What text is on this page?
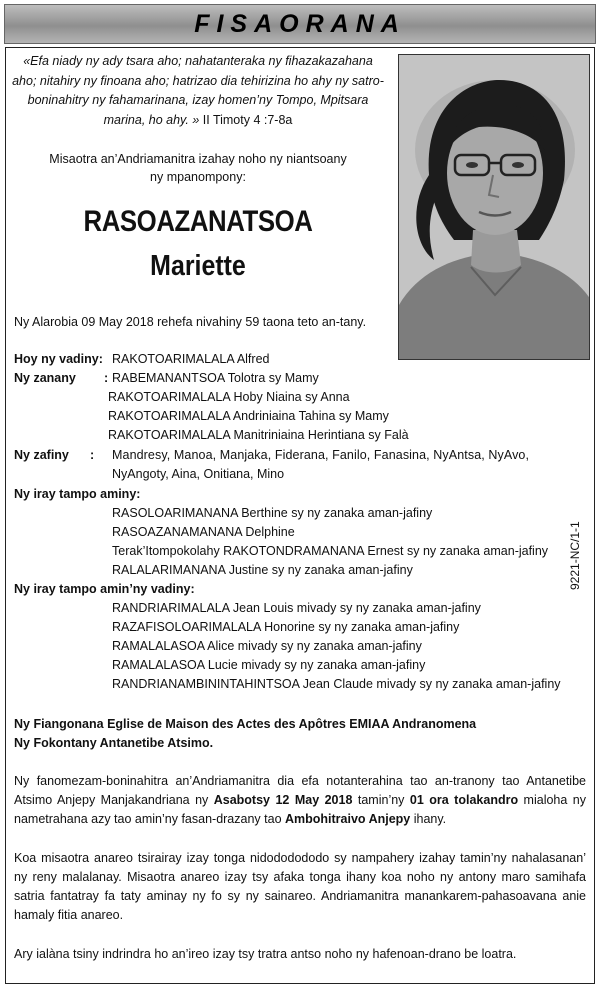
FISAORANA
«Efa niady ny ady tsara aho; nahatanteraka ny fihazakazahana aho; nitahiry ny finoana aho; hatrizao dia tehirizina ho ahy ny satro-boninahitry ny fahamarinana, izay homen’ny Tompo, Mpitsara marina, ho ahy. » II Timoty 4 :7-8a
Misaotra an’Andriamanitra izahay noho ny niantsoany
ny mpanompony:
RASOAZANATSOA
Mariette
Ny Alarobia 09 May 2018 rehefa nivahiny 59 taona teto an-tany.
Hoy ny vadiny: RAKOTOARIMALALA Alfred
Ny zanany : RABEMANANTSOA Tolotra sy Mamy
RAKOTOARIMALALA Hoby Niaina sy Anna
RAKOTOARIMALALA Andriniaina Tahina sy Mamy
RAKOTOARIMALALA Manitriniaina Herintiana sy Falà
Ny zafiny : Mandresy, Manoa, Manjaka, Fiderana, Fanilo, Fanasina, NyAntsa, NyAvo,
NyAngoty, Aina, Onitiana, Mino
Ny iray tampo aminy:
RASOLOARIMANANA Berthine sy ny zanaka aman-jafiny
RASOAZANAMANANA Delphine
Terak’Itompokolahy RAKOTONDRAMANANA Ernest sy ny zanaka aman-jafiny
RALALARIMANANA Justine sy ny zanaka aman-jafiny
Ny iray tampo amin’ny vadiny:
RANDRIARIMALALA Jean Louis mivady sy ny zanaka aman-jafiny
RAZAFISOLOARIMALALA Honorine sy ny zanaka aman-jafiny
RAMALALASOA Alice mivady sy ny zanaka aman-jafiny
RAMALALASOA Lucie mivady sy ny zanaka aman-jafiny
RANDRIANAMBININTAHINTSOA Jean Claude mivady sy ny zanaka aman-jafiny
9221-NC/1-1
Ny Fiangonana Eglise de Maison des Actes des Apôtres EMIAA Andranomena
Ny Fokontany Antanetibe Atsimo.
Ny fanomezam-boninahitra an’Andriamanitra dia efa notanterahina tao an-tranony tao Antanetibe Atsimo Anjepy Manjakandriana ny Asabotsy 12 May 2018 tamin’ny 01 ora tolakandro mialoha ny nametrahana azy tao amin’ny fasan-drazany tao Ambohitraivo Anjepy ihany.
Koa misaotra anareo tsirairay izay tonga nidododododo sy nampahery izahay tamin’ny nahalasanan’ ny reny malalanay. Misaotra anareo izay tsy afaka tonga ihany koa noho ny antony maro samihafa satria fantatray fa taty aminay ny fo sy ny sainareo. Andriamanitra manankarem-pahasoavana anie hamaly fitia anareo.
Ary ialàna tsiny indrindra ho an’ireo izay tsy tratra antso noho ny hafenoan-drano be loatra.
